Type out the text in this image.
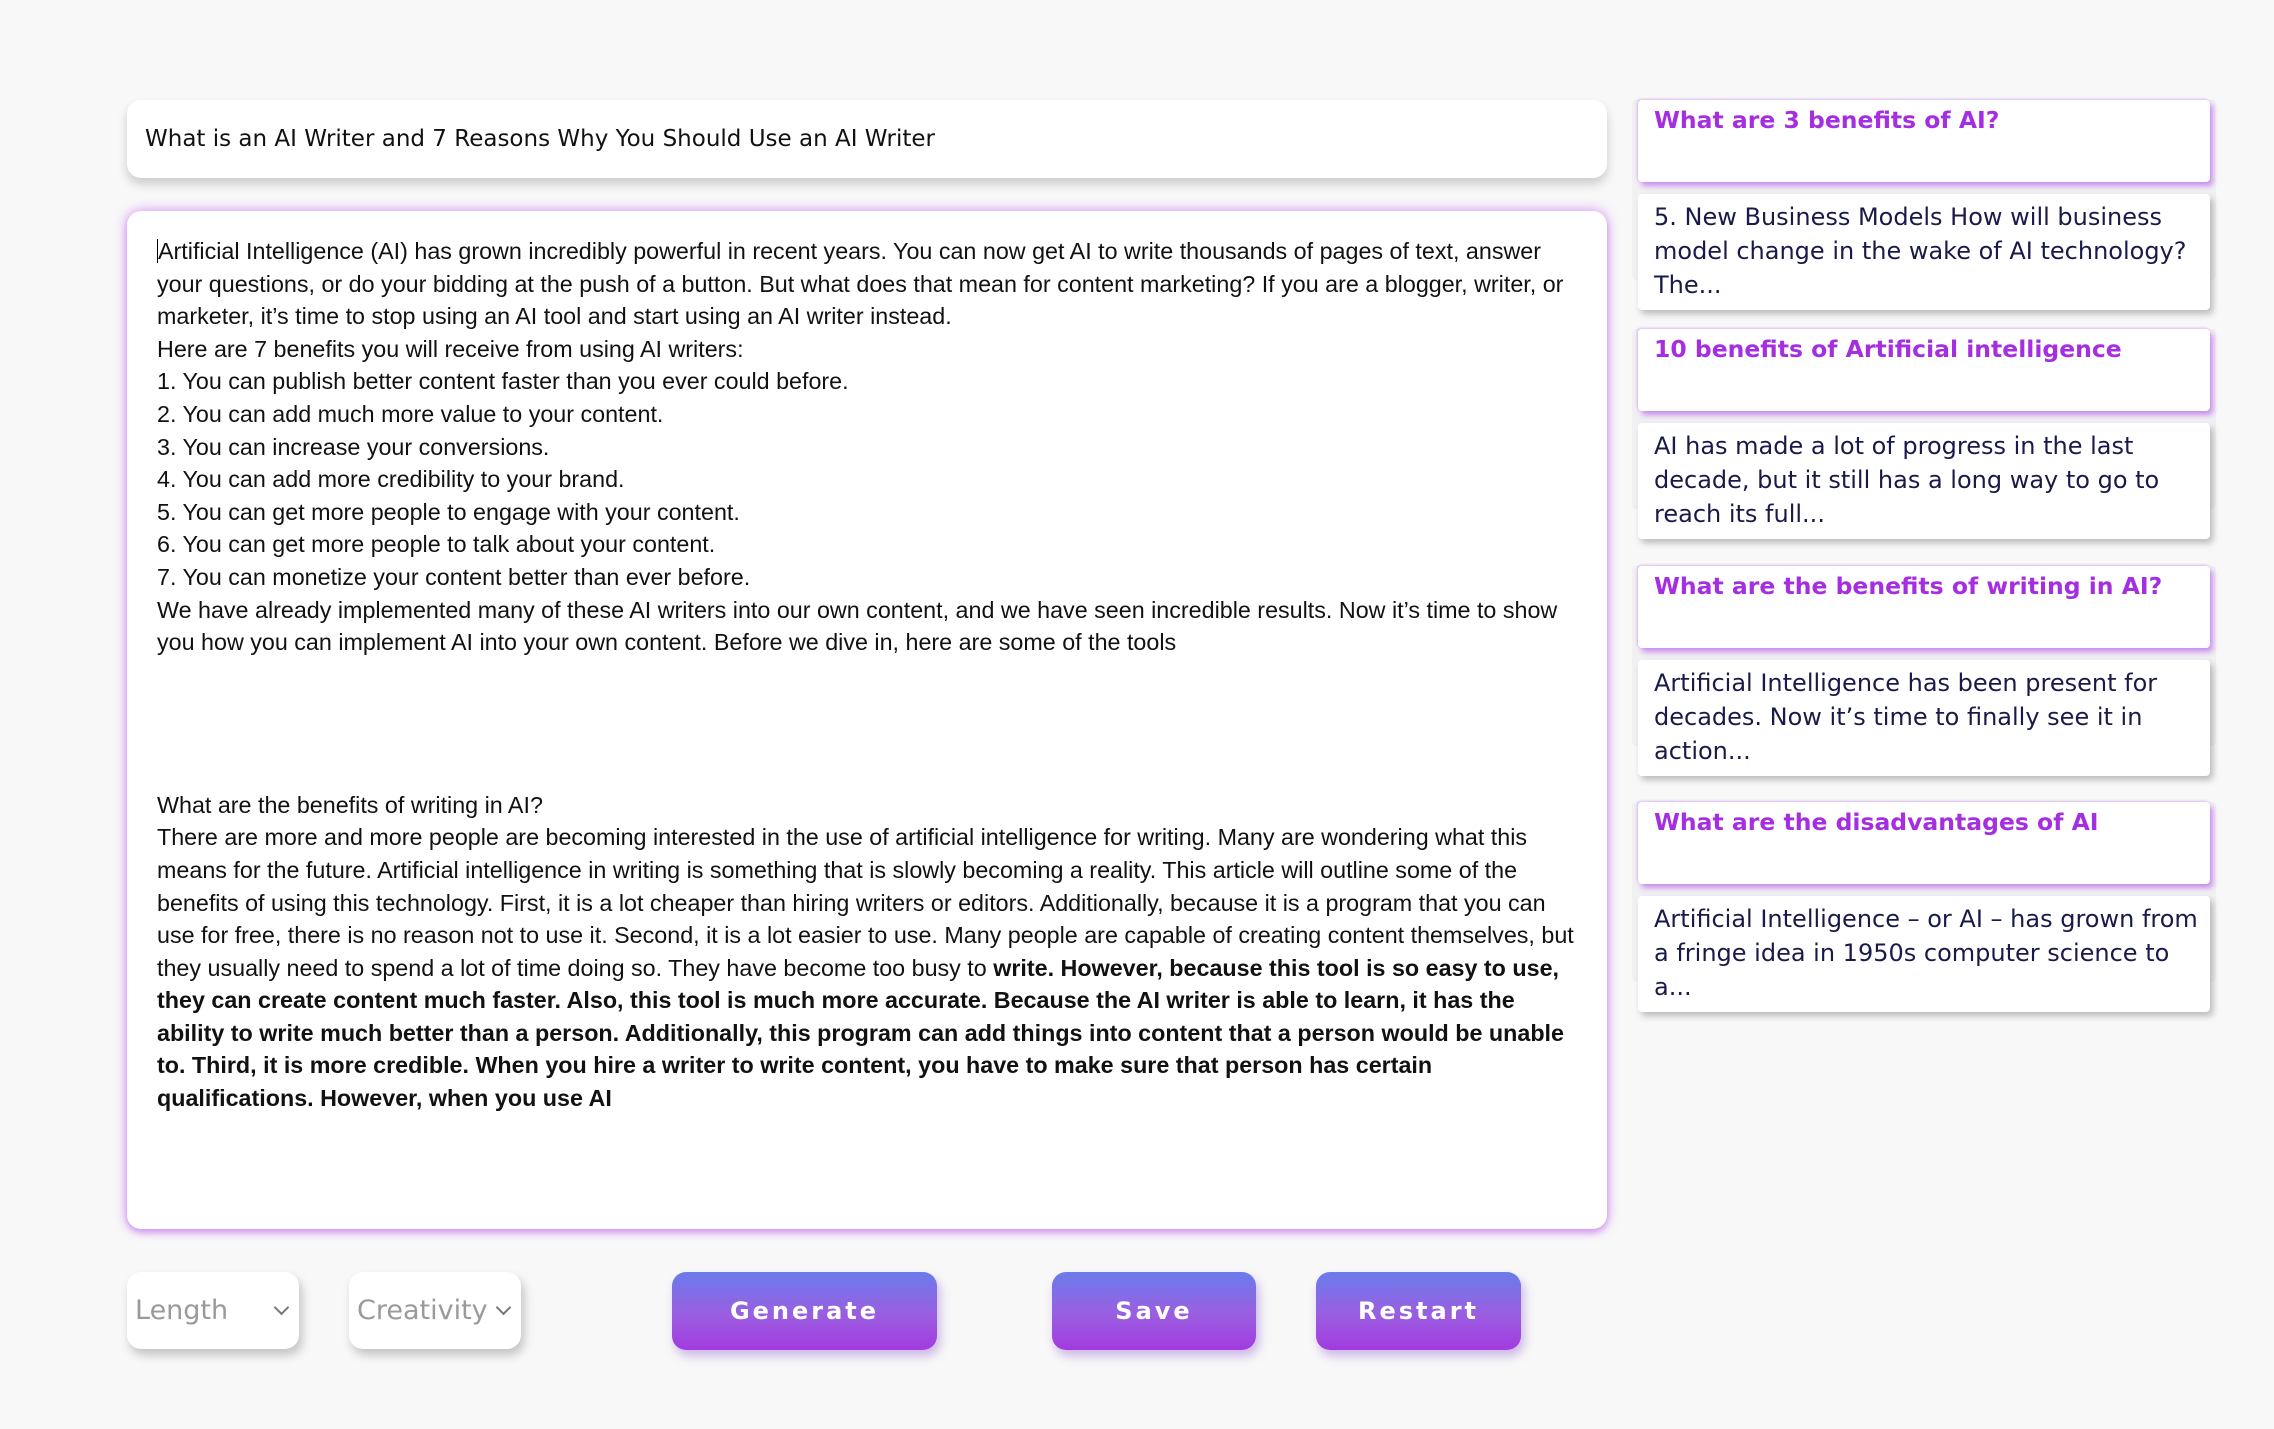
What is an AI Writer and 7 Reasons Why You Should Use an AI Writer

Artificial Intelligence (AI) has grown incredibly powerful in recent years. You can now get AI to write thousands of pages of text, answer your questions, or do your bidding at the push of a button. But what does that mean for content marketing? If you are a blogger, writer, or marketer, it’s time to stop using an AI tool and start using an AI writer instead.

Here are 7 benefits you will receive from using AI writers:

1. You can publish better content faster than you ever could before.

2. You can add much more value to your content.

3. You can increase your conversions.

4. You can add more credibility to your brand.

5. You can get more people to engage with your content.

6. You can get more people to talk about your content.

7. You can monetize your content better than ever before.

We have already implemented many of these AI writers into our own content, and we have seen incredible results. Now it’s time to show you how you can implement AI into your own content. Before we dive in, here are some of the tools

What are the benefits of writing in AI?

There are more and more people are becoming interested in the use of artificial intelligence for writing. Many are wondering what this means for the future. Artificial intelligence in writing is something that is slowly becoming a reality. This article will outline some of the benefits of using this technology. First, it is a lot cheaper than hiring writers or editors. Additionally, because it is a program that you can use for free, there is no reason not to use it. Second, it is a lot easier to use. Many people are capable of creating content themselves, but they usually need to spend a lot of time doing so. They have become too busy to write. However, because this tool is so easy to use, they can create content much faster. Also, this tool is much more accurate. Because the AI writer is able to learn, it has the ability to write much better than a person. Additionally, this program can add things into content that a person would be unable to. Third, it is more credible. When you hire a writer to write content, you have to make sure that person has certain qualifications. However, when you use AI

Length	Creativity	Generate	Save	Restart
What are 3 benefits of AI?
5. New Business Models How will business model change in the wake of AI technology? The...
10 benefits of Artificial intelligence
AI has made a lot of progress in the last decade, but it still has a long way to go to reach its full...
What are the benefits of writing in AI?
Artificial Intelligence has been present for decades. Now it’s time to finally see it in action...
What are the disadvantages of AI
Artificial Intelligence – or AI – has grown from a fringe idea in 1950s computer science to a...
